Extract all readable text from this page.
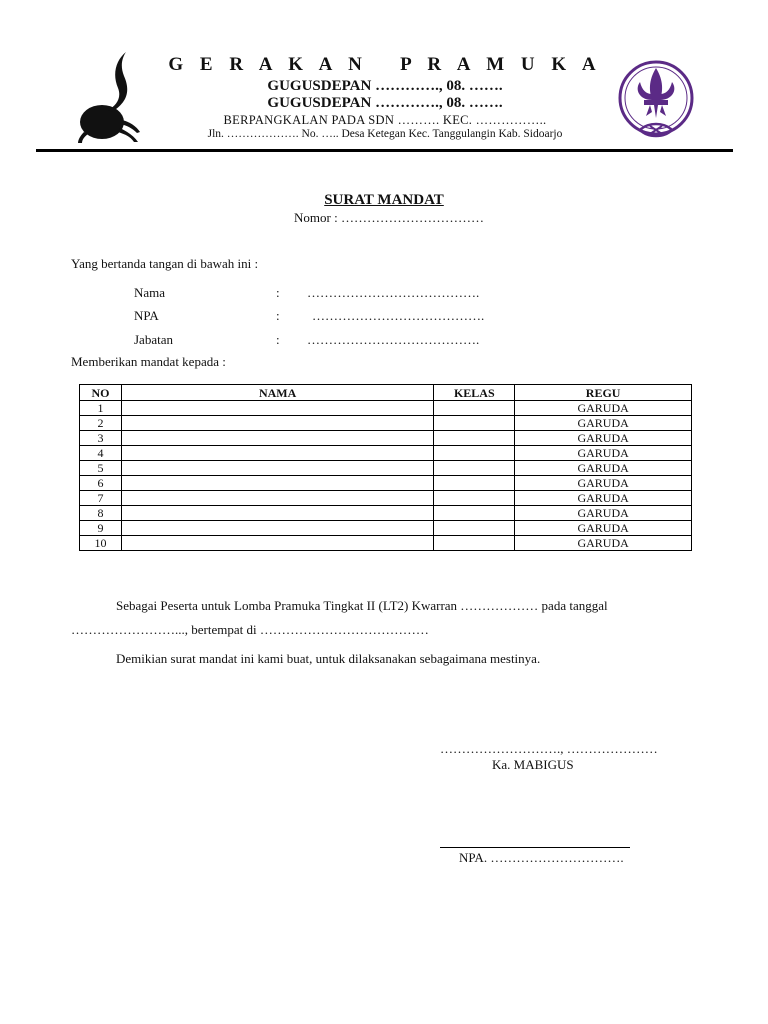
G E R A K A N   P R A M U K A
GUGUSDEPAN …………., 08. …….
GUGUSDEPAN …………., 08. …….
BERPANGKALAN PADA SDN ………. KEC. ……………..
Jln. ………………. No. ….. Desa Ketegan Kec. Tanggulangin Kab. Sidoarjo
SURAT MANDAT
Nomor : ……………………………
Yang bertanda tangan di bawah ini :
Nama	: ………………………………….
NPA	: ………………………………….
Jabatan	: ………………………………….
Memberikan mandat kepada :
NO	NAMA	KELAS	REGU
1			GARUDA
2			GARUDA
3			GARUDA
4			GARUDA
5			GARUDA
6			GARUDA
7			GARUDA
8			GARUDA
9			GARUDA
10			GARUDA
Sebagai Peserta untuk Lomba Pramuka Tingkat II (LT2) Kwarran ……………… pada tanggal
……………………..., bertempat di …………………………………
Demikian surat mandat ini kami buat, untuk dilaksanakan sebagaimana mestinya.
………………………., …………………
Ka. MABIGUS
NPA. ………………………….
